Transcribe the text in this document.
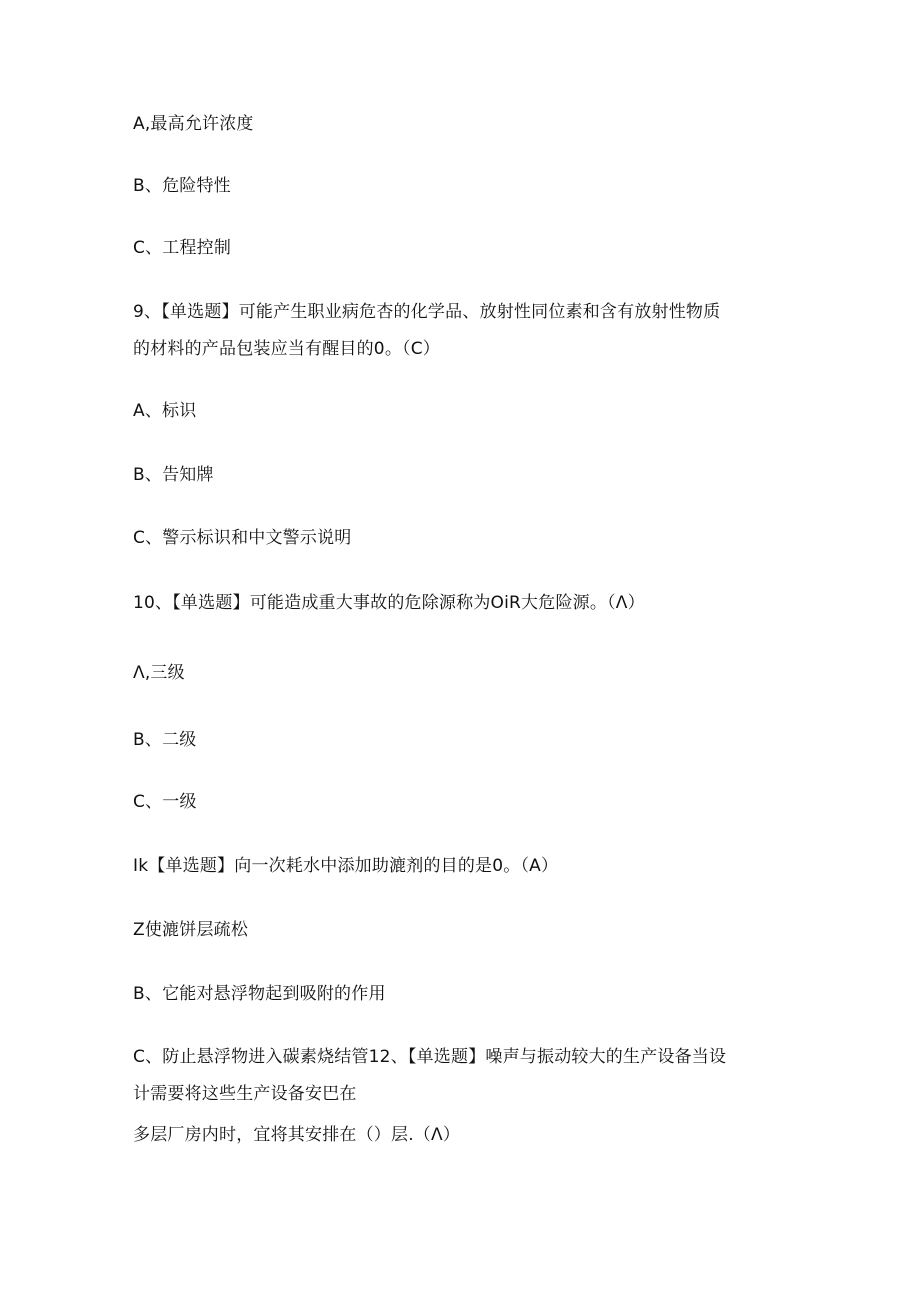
A,最高允许浓度
B、危险特性
C、工程控制
9、【单选题】可能产生职业病危杏的化学品、放射性同位素和含有放射性物质
的材料的产品包装应当有醒目的0。（C）
A、标识
B、告知牌
C、警示标识和中文警示说明
10、【单选题】可能造成重大事故的危除源称为OiR大危险源。（Λ）
Λ,三级
B、二级
C、一级
Ik【单选题】向一次耗水中添加助漉剂的目的是0。（A）
Z使漉饼层疏松
B、它能对悬浮物起到吸附的作用
C、防止悬浮物进入碳素烧结管12、【单选题】噪声与振动较大的生产设备当设
计需要将这些生产设备安巴在
多层厂房内时，宜将其安排在（）层.（Λ）
